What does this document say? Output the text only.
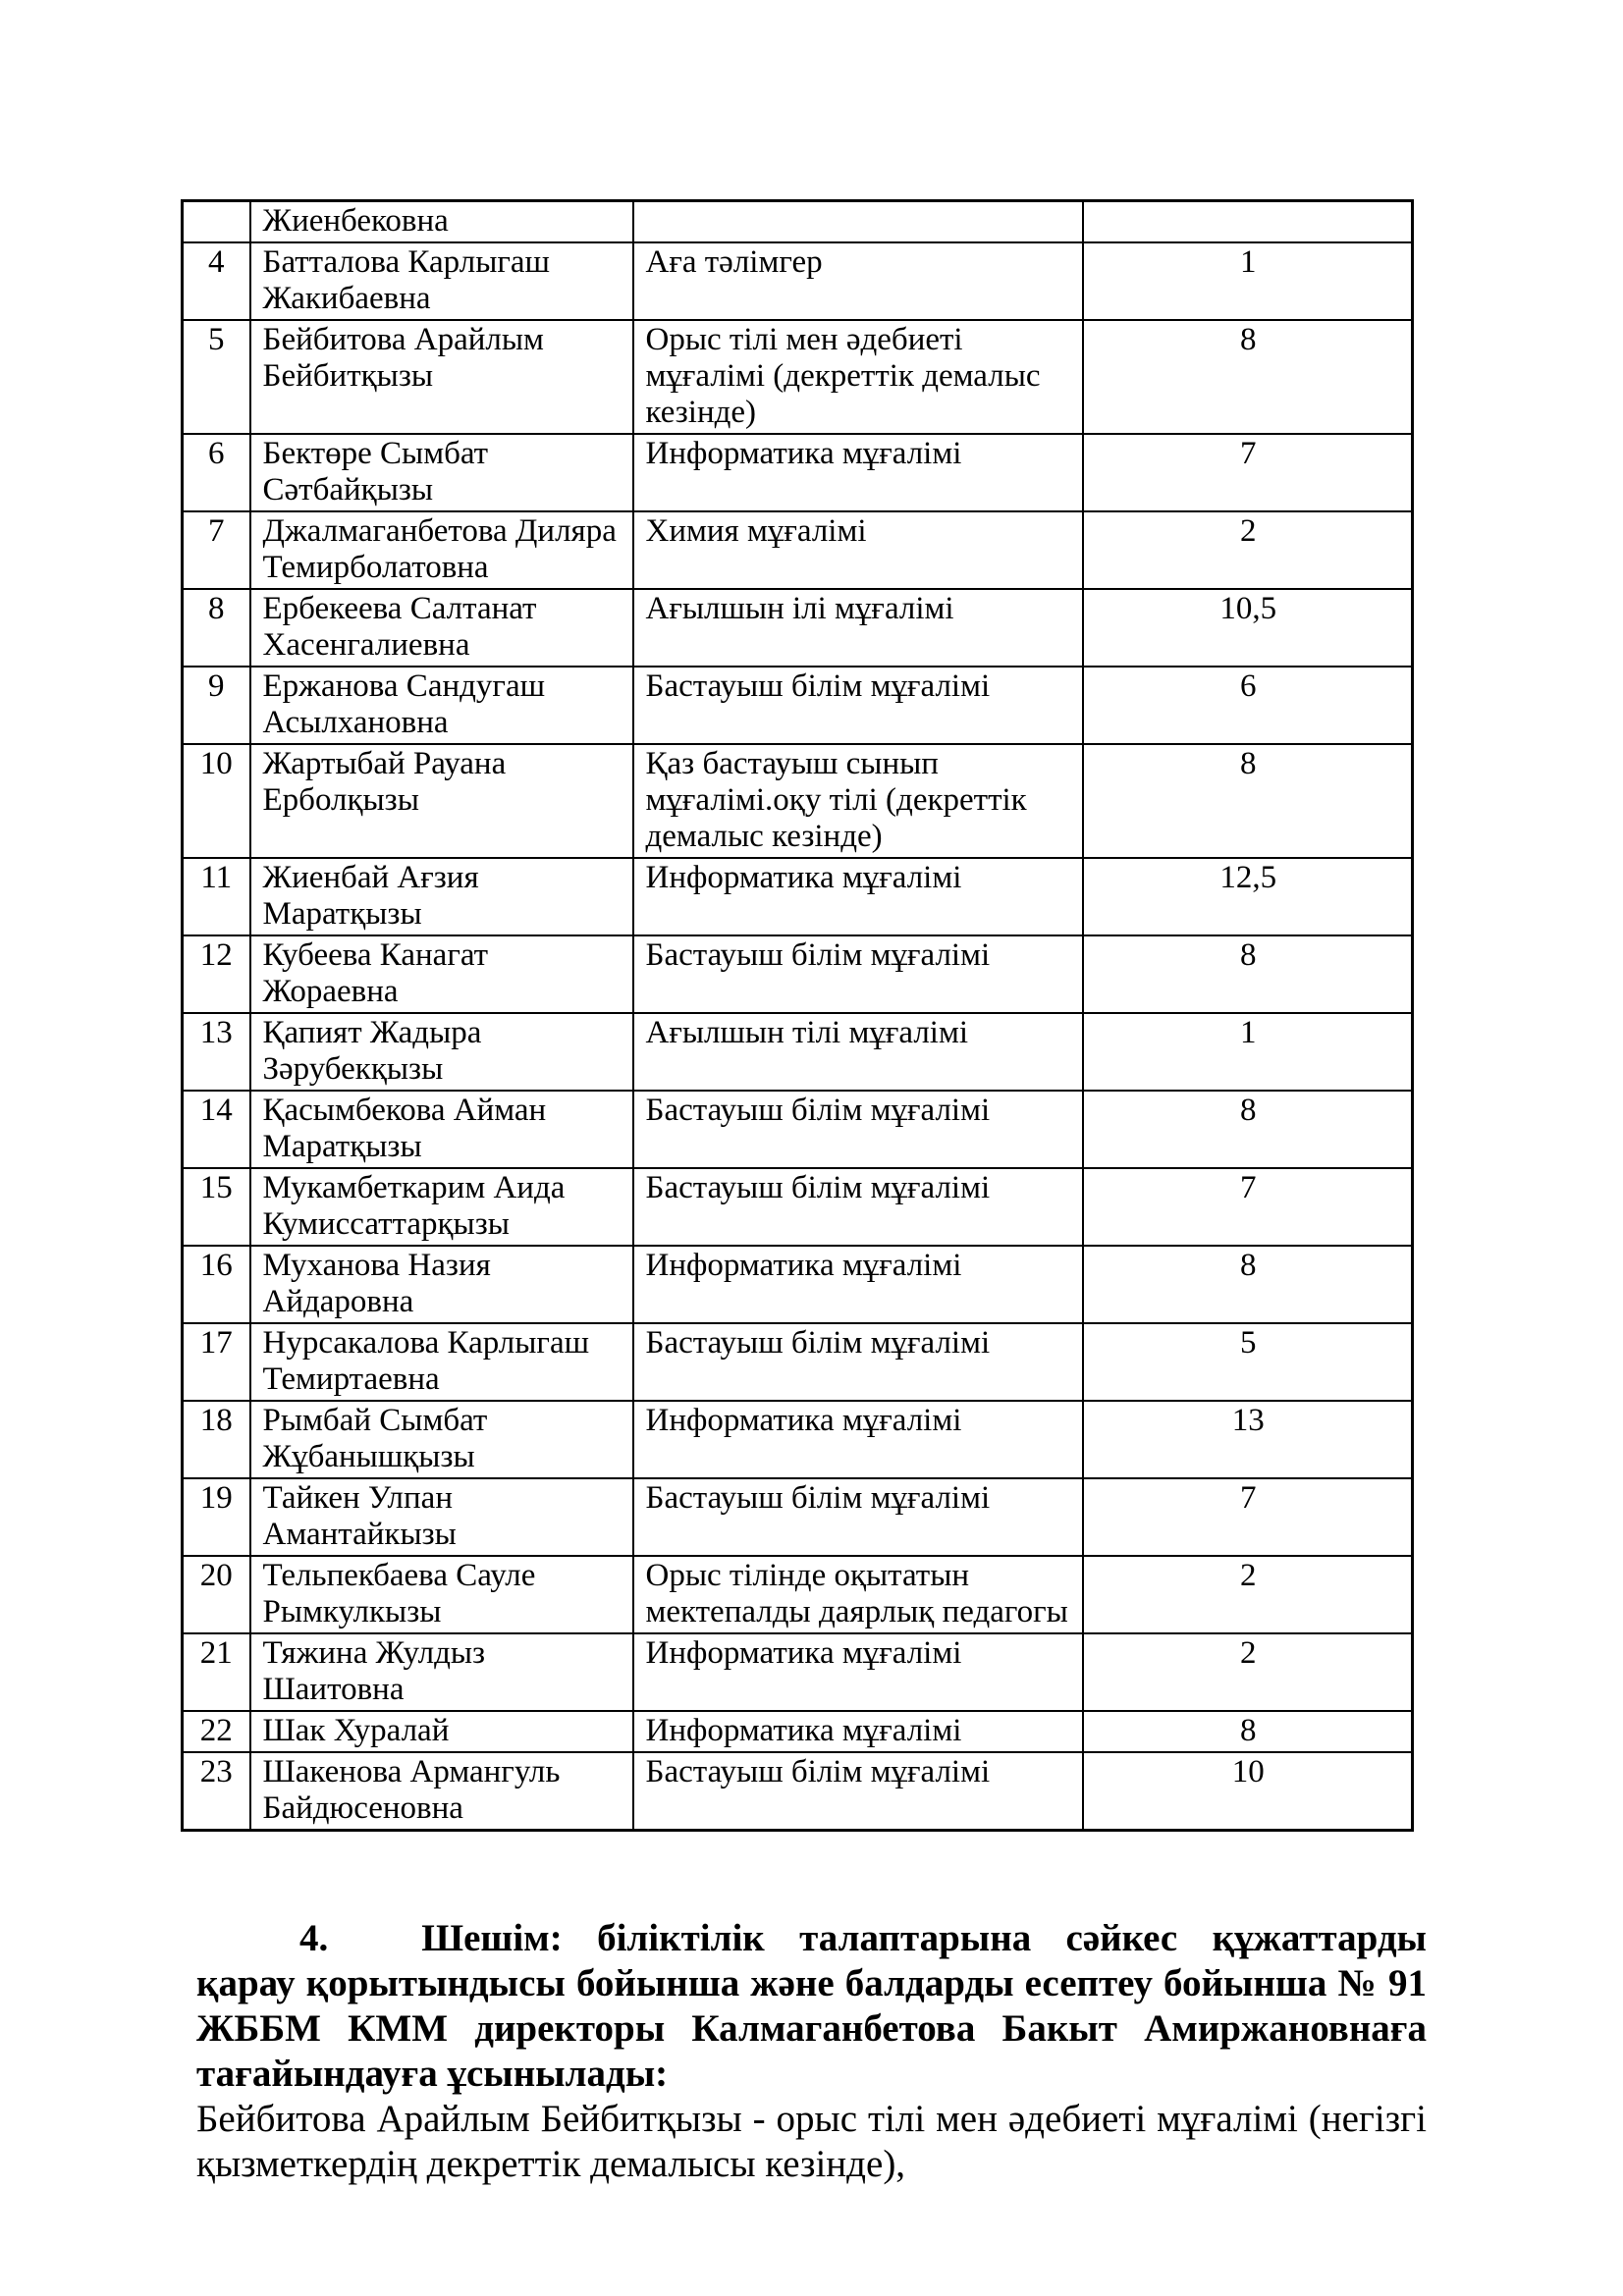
	Жиенбековна		
4	Батталова Карлыгаш Жакибаевна	Аға тәлімгер	1
5	Бейбитова Арайлым Бейбитқызы	Орыс тілі мен әдебиеті мұғалімі (декреттік демалыс кезінде)	8
6	Бектөре Сымбат Сәтбайқызы	Информатика мұғалімі	7
7	Джалмаганбетова Диляра Темирболатовна	Химия мұғалімі	2
8	Ербекеева Салтанат Хасенгалиевна	Ағылшын ілі мұғалімі	10,5
9	Ержанова Сандугаш Асылхановна	Бастауыш білім мұғалімі	6
10	Жартыбай Рауана Ерболқызы	Қаз бастауыш сынып мұғалімі.оқу тілі (декреттік демалыс кезінде)	8
11	Жиенбай Ағзия Маратқызы	Информатика мұғалімі	12,5
12	Кубеева Канагат Жораевна	Бастауыш білім мұғалімі	8
13	Қапият Жадыра Зәрубекқызы	Ағылшын тілі мұғалімі	1
14	Қасымбекова Айман Маратқызы	Бастауыш білім мұғалімі	8
15	Мукамбеткарим Аида Кумиссаттарқызы	Бастауыш білім мұғалімі	7
16	Муханова Назия Айдаровна	Информатика мұғалімі	8
17	Нурсакалова Карлыгаш Темиртаевна	Бастауыш білім мұғалімі	5
18	Рымбай Сымбат Жұбанышқызы	Информатика мұғалімі	13
19	Тайкен Улпан Амантайкызы	Бастауыш білім мұғалімі	7
20	Тельпекбаева Сауле Рымкулкызы	Орыс тілінде оқытатын мектепалды даярлық педагогы	2
21	Тяжина Жулдыз Шаитовна	Информатика мұғалімі	2
22	Шак Хуралай	Информатика мұғалімі	8
23	Шакенова Армангуль Байдюсеновна	Бастауыш білім мұғалімі	10

4. Шешім: біліктілік талаптарына сәйкес құжаттарды қарау қорытындысы бойынша және балдарды есептеу бойынша № 91 ЖББМ КММ директоры Калмаганбетова Бакыт Амиржановнаға тағайындауға ұсынылады:

Бейбитова Арайлым Бейбитқызы - орыс тілі мен әдебиеті мұғалімі (негізгі қызметкердің декреттік демалысы кезінде),
